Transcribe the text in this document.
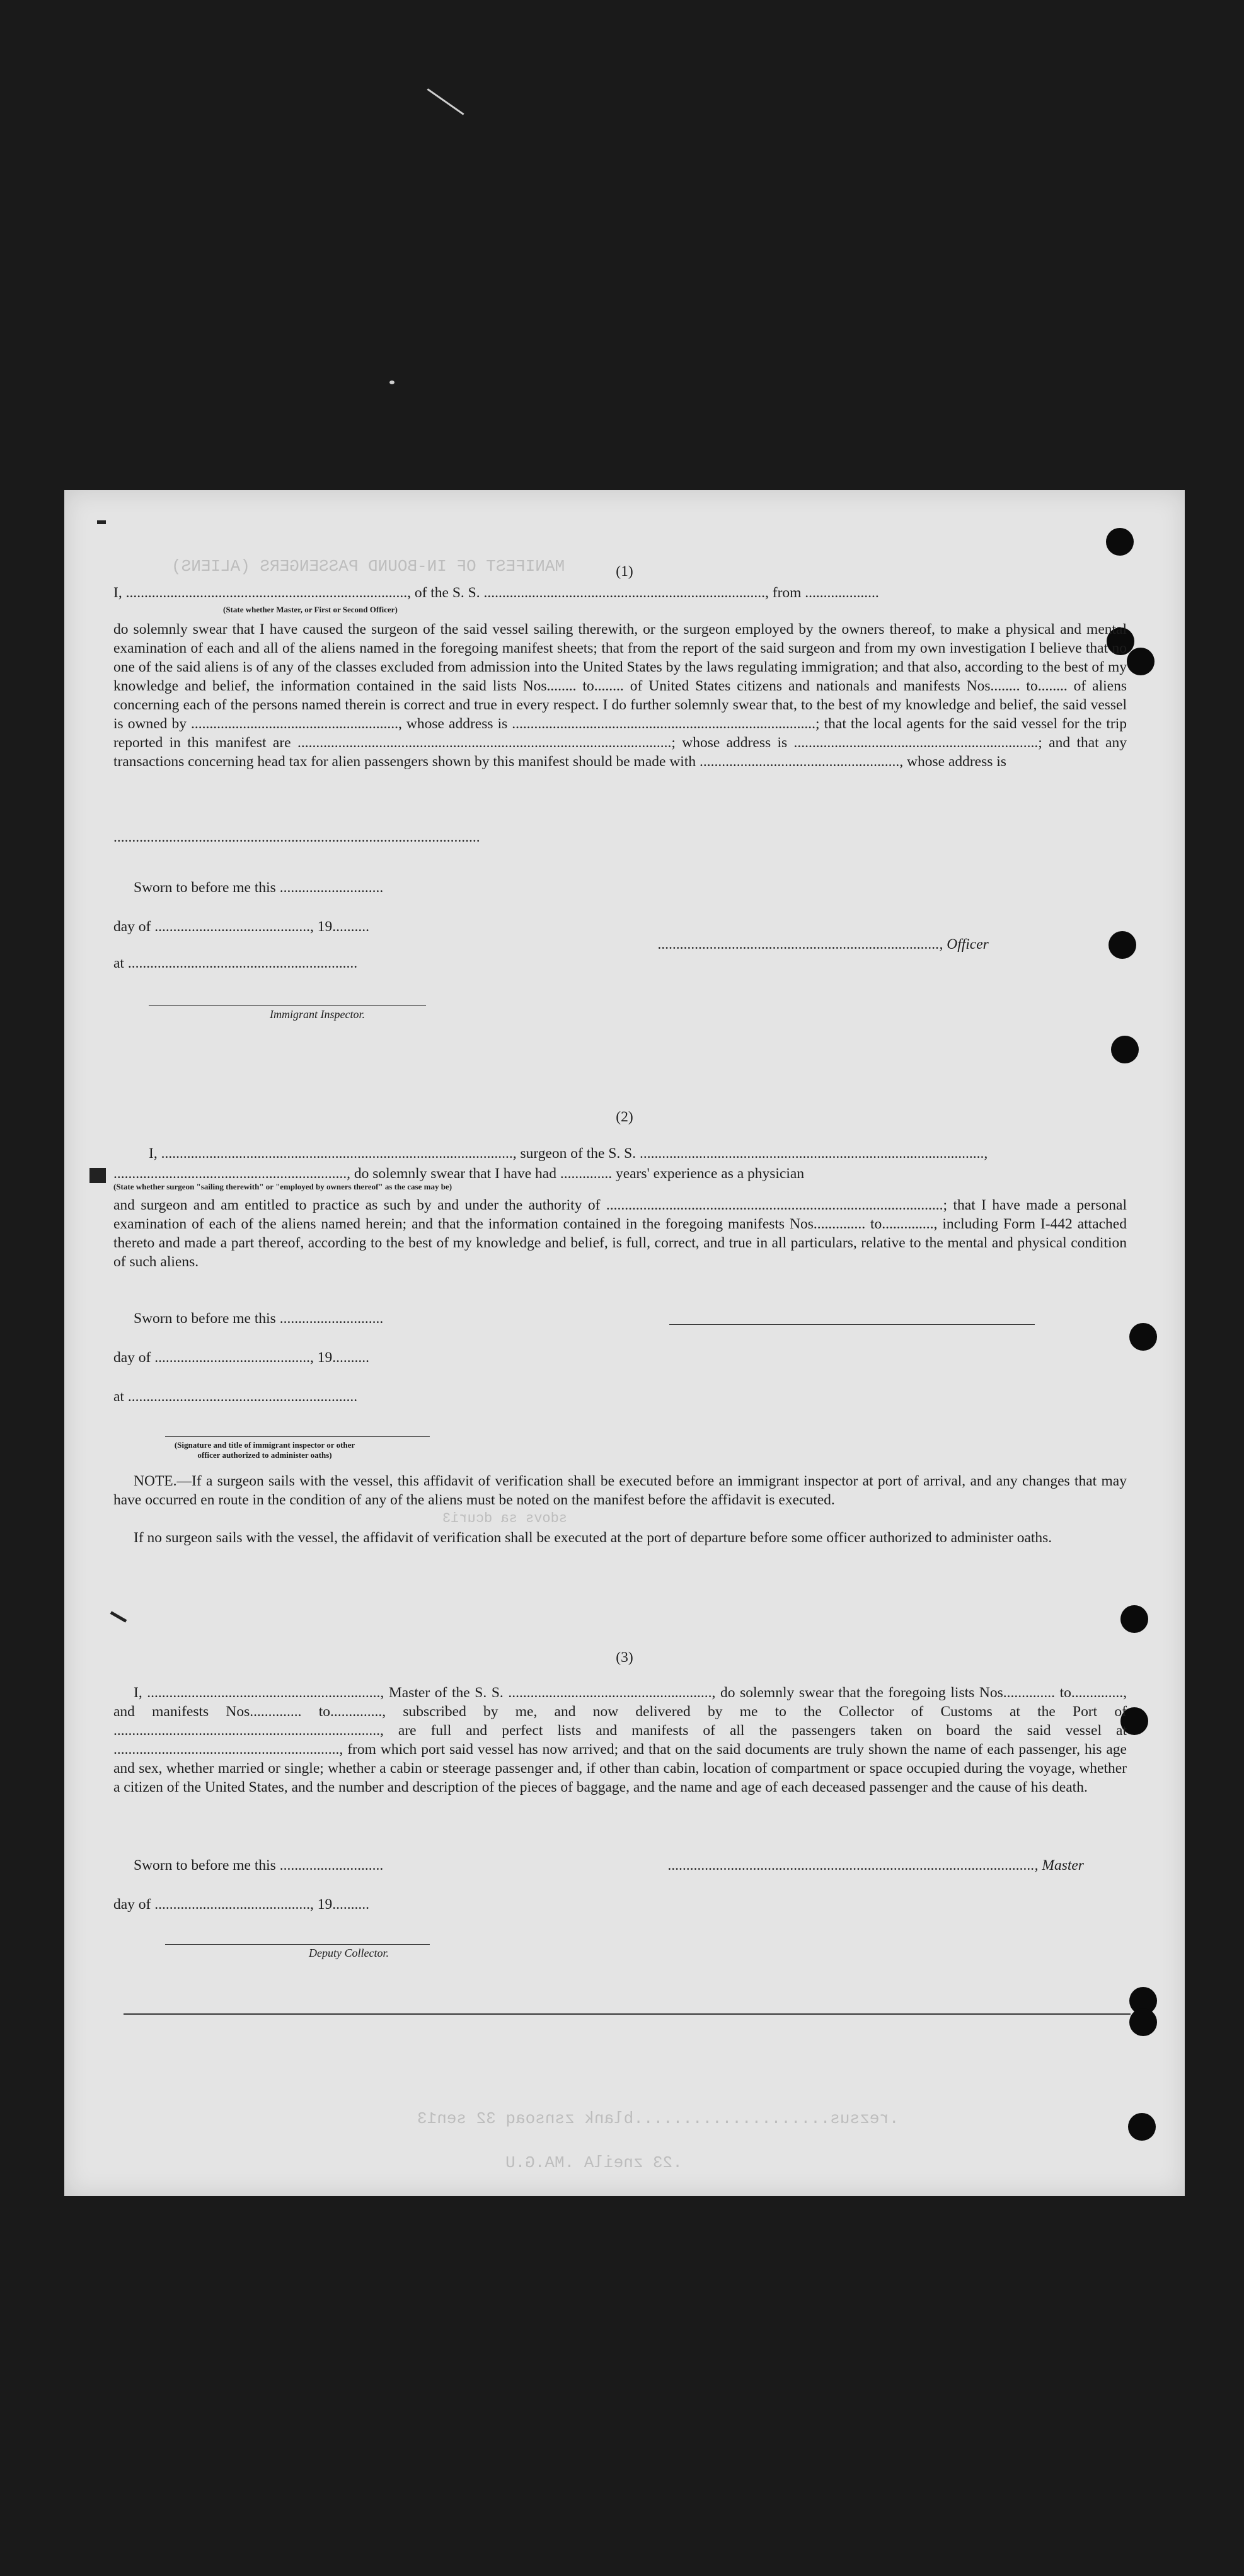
MANIFEST OF IN-BOUND PASSENGERS (ALIENS)
sdovs sa dcuri3
.rezsus....................blank zsnsoaq 32 sen13
.23 zneilA .MA.G.U
(1)
I, ............................................................................, of the S. S. ............................................................................, from ....................
(State whether Master, or First or Second Officer)
do solemnly swear that I have caused the surgeon of the said vessel sailing therewith, or the surgeon employed by the owners thereof, to make a physical and mental examination of each and all of the aliens named in the foregoing manifest sheets; that from the report of the said surgeon and from my own investigation I believe that no one of the said aliens is of any of the classes excluded from admission into the United States by the laws regulating immigration; and that also, according to the best of my knowledge and belief, the information contained in the said lists Nos........ to........ of United States citizens and nationals and manifests Nos........ to........ of aliens concerning each of the persons named therein is correct and true in every respect. I do further solemnly swear that, to the best of my knowledge and belief, the said vessel is owned by ........................................................, whose address is ..................................................................................; that the local agents for the said vessel for the trip reported in this manifest are .....................................................................................................; whose address is ..................................................................; and that any transactions concerning head tax for alien passengers shown by this manifest should be made with ......................................................, whose address is
...................................................................................................
Sworn to before me this ............................
day of .........................................., 19..........
at ..............................................................
............................................................................, Officer
Immigrant Inspector.
(2)
I, ..............................................................................................., surgeon of the S. S. .............................................................................................,
..............................................................., do solemnly swear that I have had .............. years' experience as a physician
(State whether surgeon "sailing therewith" or "employed by owners thereof" as the case may be)
and surgeon and am entitled to practice as such by and under the authority of ...........................................................................................; that I have made a personal examination of each of the aliens named herein; and that the information contained in the foregoing manifests Nos.............. to.............., including Form I-442 attached thereto and made a part thereof, according to the best of my knowledge and belief, is full, correct, and true in all particulars, relative to the mental and physical condition of such aliens.
Sworn to before me this ............................
day of .........................................., 19..........
at ..............................................................
(Signature and title of immigrant inspector or other officer authorized to administer oaths)
NOTE.—If a surgeon sails with the vessel, this affidavit of verification shall be executed before an immigrant inspector at port of arrival, and any changes that may have occurred en route in the condition of any of the aliens must be noted on the manifest before the affidavit is executed.
If no surgeon sails with the vessel, the affidavit of verification shall be executed at the port of departure before some officer authorized to administer oaths.
(3)
I, ..............................................................., Master of the S. S. ......................................................., do solemnly swear that the foregoing lists Nos.............. to.............., and manifests Nos.............. to.............., subscribed by me, and now delivered by me to the Collector of Customs at the Port of ........................................................................, are full and perfect lists and manifests of all the passengers taken on board the said vessel at ............................................................., from which port said vessel has now arrived; and that on the said documents are truly shown the name of each passenger, his age and sex, whether married or single; whether a cabin or steerage passenger and, if other than cabin, location of compartment or space occupied during the voyage, whether a citizen of the United States, and the number and description of the pieces of baggage, and the name and age of each deceased passenger and the cause of his death.
Sworn to before me this ............................	..................................................................................................., Master
day of .........................................., 19..........
Deputy Collector.
